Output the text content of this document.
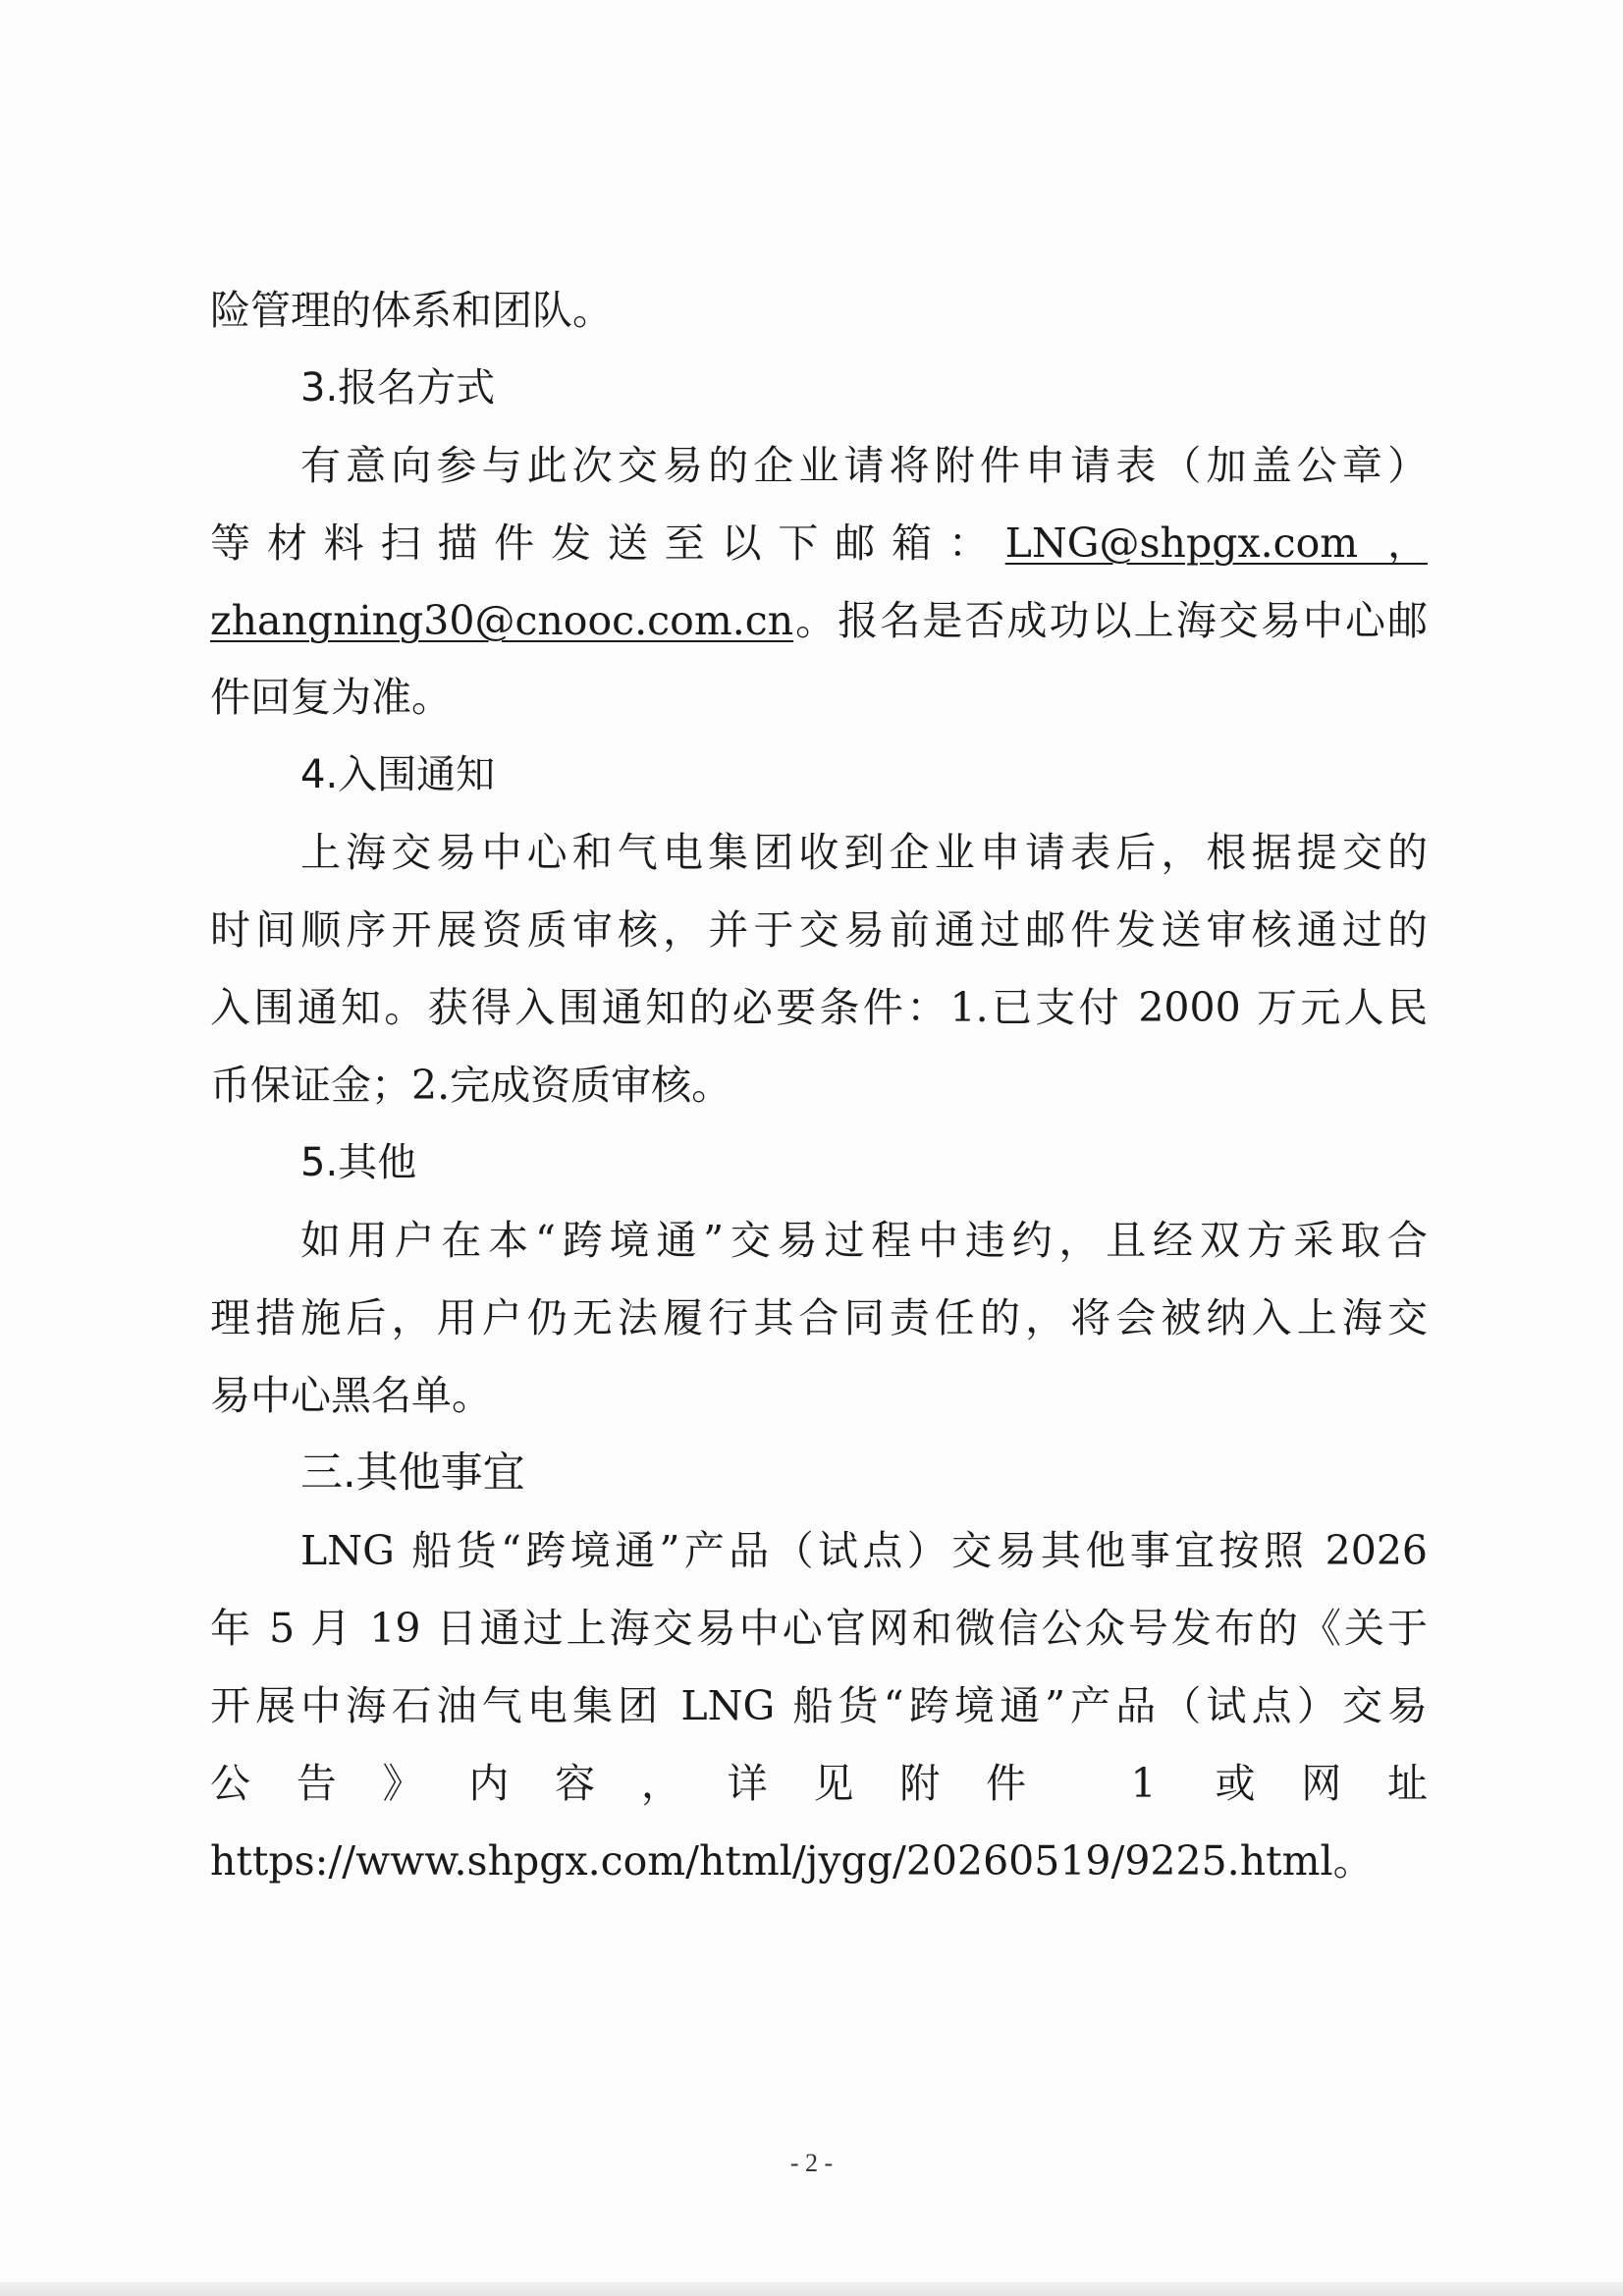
险管理的体系和团队。
3.报名方式
有意向参与此次交易的企业请将附件申请表（加盖公章）
等材料扫描件发送至以下邮箱：LNG@shpgx.com ，
zhangning30@cnooc.com.cn。报名是否成功以上海交易中心邮
件回复为准。
4.入围通知
上海交易中心和气电集团收到企业申请表后，根据提交的
时间顺序开展资质审核，并于交易前通过邮件发送审核通过的
入围通知。获得入围通知的必要条件：1.已支付 2000 万元人民
币保证金；2.完成资质审核。
5.其他
如用户在本“跨境通”交易过程中违约，且经双方采取合
理措施后，用户仍无法履行其合同责任的，将会被纳入上海交
易中心黑名单。
三.其他事宜
LNG 船货“跨境通”产品（试点）交易其他事宜按照 2026
年 5 月 19 日通过上海交易中心官网和微信公众号发布的《关于
开展中海石油气电集团 LNG 船货“跨境通”产品（试点）交易
公告》内容，详见附件 1 或网址
https://www.shpgx.com/html/jygg/20260519/9225.html。
- 2 -
